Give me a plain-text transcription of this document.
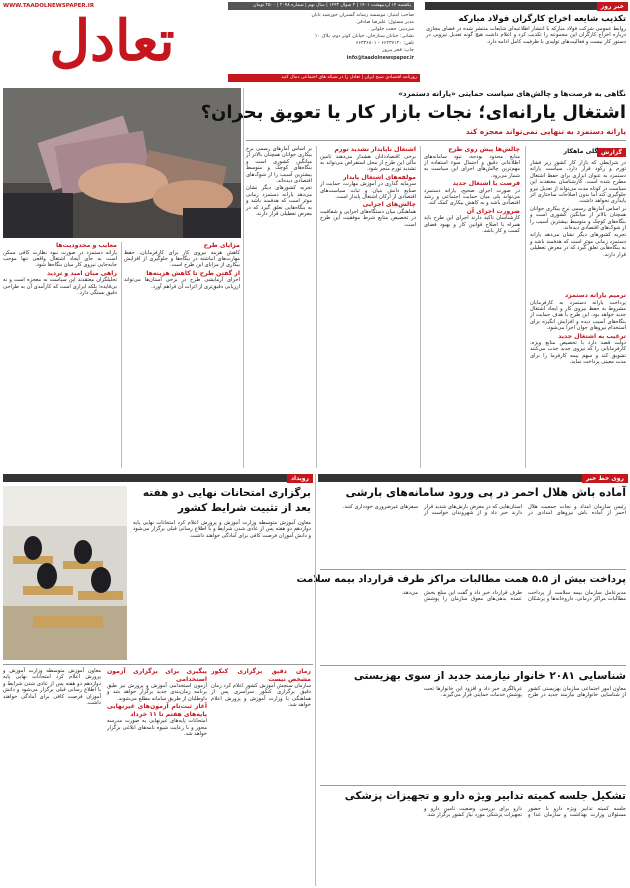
WWW.TAADOLNEWSPAPER.IR
تعادل
یکشنبه ۱۴ اردیبهشت ۱۴۰۱ | ۲ شوال ۱۴۴۳ | سال نهم | شماره ۲۰۷۸ | ۲۵۰۰ تومان
صاحب امتیاز: موسسه رسانه گستران خورشید تابان
مدیر مسئول: علیرضا صادقی
سردبیر: حجت حلوانی
نشانی: خیابان ستارخان، خیابان کوثر دوم، پلاک ۱۰
تلفن: ۶۶۴۳۷۱۲۰ - ۶۶۴۳۶۸۰۱
چاپ: فجر پیروز
info@taadolnewspaper.ir
روزنامه اقتصادی صبح ایران | تعادل را در شبکه های اجتماعی دنبال کنید
خبر روز
تکذیب شایعه اخراج کارگران فولاد مبارکه
روابط عمومی شرکت فولاد مبارکه با انتشار اطلاعیه‌ای شایعات منتشر شده در فضای مجازی درباره اخراج کارگران این مجموعه را تکذیب کرد و اعلام داشت هیچ گونه تعدیل نیرویی در دستور کار نیست و فعالیت‌های تولیدی با ظرفیت کامل ادامه دارد.
نگاهی به فرصت‌ها و چالش‌های سیاست حمایتی «یارانه دستمزد»
اشتغال یارانه‌ای؛ نجات بازار کار یا تعویق بحران؟
یارانه دستمزد به تنهایی نمی‌تواند معجزه کند
گزارش
گلی ماهکار

در شرایطی که بازار کار کشور زیر فشار تورم و رکود قرار دارد، سیاست یارانه دستمزد به عنوان ابزاری برای حفظ اشتغال مطرح شده است. کارشناسان معتقدند این سیاست در کوتاه مدت می‌تواند از تعدیل نیرو جلوگیری کند اما بدون اصلاحات ساختاری اثر پایداری نخواهد داشت.

بر اساس آمارهای رسمی نرخ بیکاری جوانان همچنان بالاتر از میانگین کشوری است و بنگاه‌های کوچک و متوسط بیشترین آسیب را از شوک‌های اقتصادی دیده‌اند.

تجربه کشورهای دیگر نشان می‌دهد یارانه دستمزد زمانی موثر است که هدفمند باشد و به بنگاه‌هایی تعلق گیرد که در معرض تعطیلی قرار دارند.

ترمیم یارانه دستمزد

پرداخت یارانه دستمزد به کارفرمایان مشروط به حفظ نیروی کار و ایجاد اشتغال جدید خواهد بود. این طرح با هدف حمایت از بنگاه‌های آسیب دیده و افزایش انگیزه برای استخدام نیروهای جوان اجرا می‌شود.

ترغیب به اشتغال جدید

دولت قصد دارد با تخصیص منابع ویژه، کارفرمایانی را که نیروی جدید جذب می‌کنند تشویق کند و سهم بیمه کارفرما را برای مدت معینی پرداخت نماید.

چالش‌ها پیش روی طرح

منابع محدود بودجه، نبود سامانه‌های اطلاعاتی دقیق و احتمال سوء استفاده از مهم‌ترین چالش‌های اجرای این سیاست به شمار می‌رود.

فرصت با اشتغال جدید

در صورت اجرای صحیح، یارانه دستمزد می‌تواند پلی میان حمایت اجتماعی و رشد اقتصادی باشد و به کاهش بیکاری کمک کند.

ضرورت اجرای آن

کارشناسان تاکید دارند اجرای این طرح باید همراه با اصلاح قوانین کار و بهبود فضای کسب و کار باشد.

اشتغال ناپایدار تشدید تورم

برخی اقتصاددانان هشدار می‌دهند تامین مالی این طرح از محل استقراض می‌تواند به تشدید تورم منجر شود.

مولفه‌های اشتغال پایدار

سرمایه گذاری در آموزش مهارت، حمایت از صنایع دانش بنیان و ثبات سیاست‌های اقتصادی از ارکان اشتغال پایدار است.

چالش‌های اجرایی

هماهنگی میان دستگاه‌های اجرایی و شفافیت در تخصیص منابع شرط موفقیت این طرح است.

بر اساس آمارهای رسمی نرخ بیکاری جوانان همچنان بالاتر از میانگین کشوری است و بنگاه‌های کوچک و متوسط بیشترین آسیب را از شوک‌های اقتصادی دیده‌اند.

تجربه کشورهای دیگر نشان می‌دهد یارانه دستمزد زمانی موثر است که هدفمند باشد و به بنگاه‌هایی تعلق گیرد که در معرض تعطیلی قرار دارند.

مزایای طرح

کاهش هزینه نیروی کار برای کارفرمایان، حفظ مهارت‌های انباشته در بنگاه‌ها و جلوگیری از افزایش بیکاری از مزایای این طرح است.

از گفتن طرح تا کاهش هزینه‌ها

اجرای آزمایشی طرح در برخی استان‌ها می‌تواند ارزیابی دقیق‌تری از اثرات آن فراهم آورد.

معایب و محدودیت‌ها

یارانه دستمزد در صورت نبود نظارت کافی ممکن است به جای ایجاد اشتغال واقعی تنها موجب جابه‌جایی نیروی کار میان بنگاه‌ها شود.

راهی میان امید و تردید

تحلیلگران معتقدند این سیاست نه معجزه است و نه بی‌فایده؛ بلکه ابزاری است که کارآمدی آن به طراحی دقیق بستگی دارد.

روی خط خبر
آماده باش هلال احمر در پی ورود سامانه‌های بارشی
رئیس سازمان امداد و نجات جمعیت هلال احمر از آماده باش نیروهای امدادی در استان‌هایی که در معرض بارش‌های شدید قرار دارند خبر داد و از شهروندان خواست از سفرهای غیرضروری خودداری کنند.
پرداخت بیش از ۵.۵ همت مطالبات مراکز طرف قرارداد بیمه سلامت
مدیرعامل سازمان بیمه سلامت از پرداخت مطالبات مراکز درمانی، داروخانه‌ها و پزشکان طرف قرارداد خبر داد و گفت این مبلغ بخش عمده بدهی‌های معوق سازمان را پوشش می‌دهد.
شناسایی ۲۰۸۱ خانوار نیازمند جدید از سوی بهزیستی
معاون امور اجتماعی سازمان بهزیستی کشور از شناسایی خانوارهای نیازمند جدید در طرح غربالگری خبر داد و افزود این خانوارها تحت پوشش خدمات حمایتی قرار می‌گیرند.
تشکیل جلسه کمیته تدابیر ویژه دارو و تجهیزات پزشکی
جلسه کمیته تدابیر ویژه دارو با حضور مسئولان وزارت بهداشت و سازمان غذا و دارو برای بررسی وضعیت تامین دارو و تجهیزات پزشکی مورد نیاز کشور برگزار شد.
رویداد
برگزاری امتحانات نهایی دو هفته بعد از تثبیت شرایط کشور
معاون آموزش متوسطه وزارت آموزش و پرورش اعلام کرد امتحانات نهایی پایه دوازدهم دو هفته پس از عادی شدن شرایط و با اطلاع رسانی قبلی برگزار می‌شود و دانش آموزان فرصت کافی برای آمادگی خواهند داشت.
زمان دقیق برگزاری کنکور مشخص نیست

سازمان سنجش آموزش کشور اعلام کرد زمان دقیق برگزاری کنکور سراسری پس از هماهنگی با وزارت آموزش و پرورش اعلام خواهد شد.

پیگیری برای برگزاری آزمون استخدامی

آزمون استخدامی آموزش و پرورش نیز طبق برنامه زمان‌بندی جدید برگزار خواهد شد و داوطلبان از طریق سامانه مطلع می‌شوند.

آغاز ثبت‌نام آزمون‌های غیرنهایی پایه‌های هفتم تا ۱۱ خرداد

امتحانات پایه‌های غیرنهایی به صورت مدرسه محور و با رعایت شیوه نامه‌های ابلاغی برگزار خواهد شد.

معاون آموزش متوسطه وزارت آموزش و پرورش اعلام کرد امتحانات نهایی پایه دوازدهم دو هفته پس از عادی شدن شرایط و با اطلاع رسانی قبلی برگزار می‌شود و دانش آموزان فرصت کافی برای آمادگی خواهند داشت.
